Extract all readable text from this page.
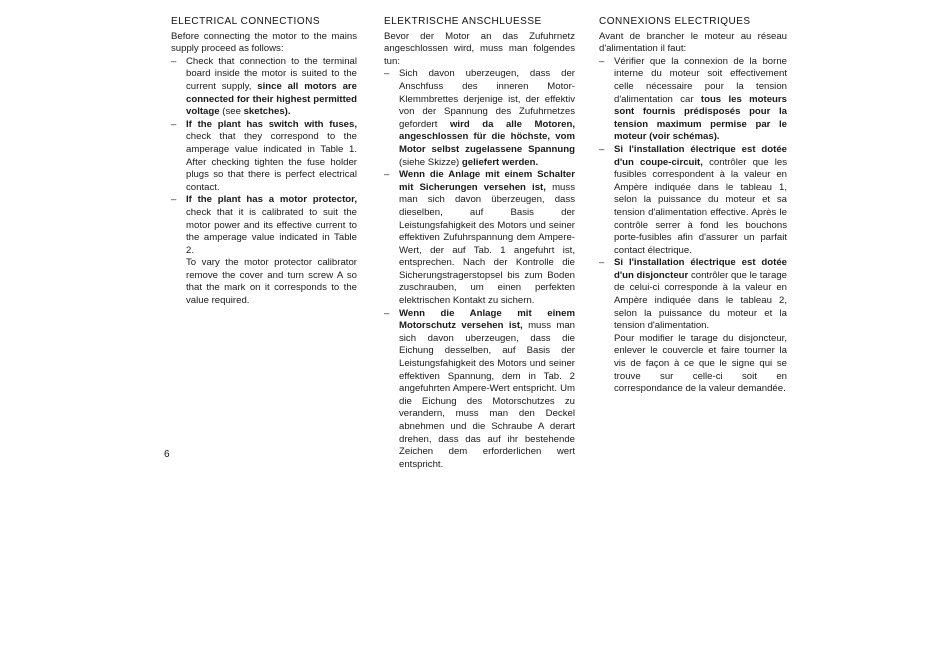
ELECTRICAL CONNECTIONS
Before connecting the motor to the mains supply proceed as follows:
– Check that connection to the terminal board inside the motor is suited to the current supply, since all motors are connected for their highest permitted voltage (see sketches).
– If the plant has switch with fuses, check that they correspond to the amperage value indicated in Table 1. After checking tighten the fuse holder plugs so that there is perfect electrical contact.
– If the plant has a motor protector, check that it is calibrated to suit the motor power and its effective current to the amperage value indicated in Table 2.
To vary the motor protector calibrator remove the cover and turn screw A so that the mark on it corresponds to the value required.
ELEKTRISCHE ANSCHLUESSE
Bevor der Motor an das Zufuhrnetz angeschlossen wird, muss man folgendes tun:
– Sich davon uberzeugen, dass der Anschfuss des inneren Motor-Klemmbrettes derjenige ist, der effektiv von der Spannung des Zufuhrnetzes gefordert wird da alle Motoren, angeschlossen für die höchste, vom Motor selbst zugelassene Spannung (siehe Skizze) geliefert werden.
– Wenn die Anlage mit einem Schalter mit Sicherungen versehen ist, muss man sich davon überzeugen, dass dieselben, auf Basis der Leistungsfahigkeit des Motors und seiner effektiven Zufuhrspannung dem Ampere-Wert, der auf Tab. 1 angefuhrt ist, entsprechen. Nach der Kontrolle die Sicherungstragerstopsel bis zum Boden zuschrauben, um einen perfekten elektrischen Kontakt zu sichern.
– Wenn die Anlage mit einem Motorschutz versehen ist, muss man sich davon uberzeugen, dass die Eichung desselben, auf Basis der Leistungsfahigkeit des Motors und seiner effektiven Spannung, dem in Tab. 2 angefuhrten Ampere-Wert entspricht. Um die Eichung des Motorschutzes zu verandern, muss man den Deckel abnehmen und die Schraube A derart drehen, dass das auf ihr bestehende Zeichen dem erforderlichen wert entspricht.
CONNEXIONS ELECTRIQUES
Avant de brancher le moteur au réseau d'alimentation il faut:
– Vérifier que la connexion de la borne interne du moteur soit effectivement celle nécessaire pour la tension d'alimentation car tous les moteurs sont fournis prédisposés pour la tension maximum permise par le moteur (voir schémas).
– Si l'installation électrique est dotée d'un coupe-circuit, contrôler que les fusibles correspondent à la valeur en Ampère indiquée dans le tableau 1, selon la puissance du moteur et sa tension d'alimentation effective. Après le contrôle serrer à fond les bouchons porte-fusibles afin d'assurer un parfait contact électrique.
– Si l'installation électrique est dotée d'un disjoncteur contrôler que le tarage de celui-ci corresponde à la valeur en Ampère indiquée dans le tableau 2, selon la puissance du moteur et la tension d'alimentation.
Pour modifier le tarage du disjoncteur, enlever le couvercle et faire tourner la vis de façon à ce que le signe qui se trouve sur celle-ci soit en correspondance de la valeur demandée.
6
